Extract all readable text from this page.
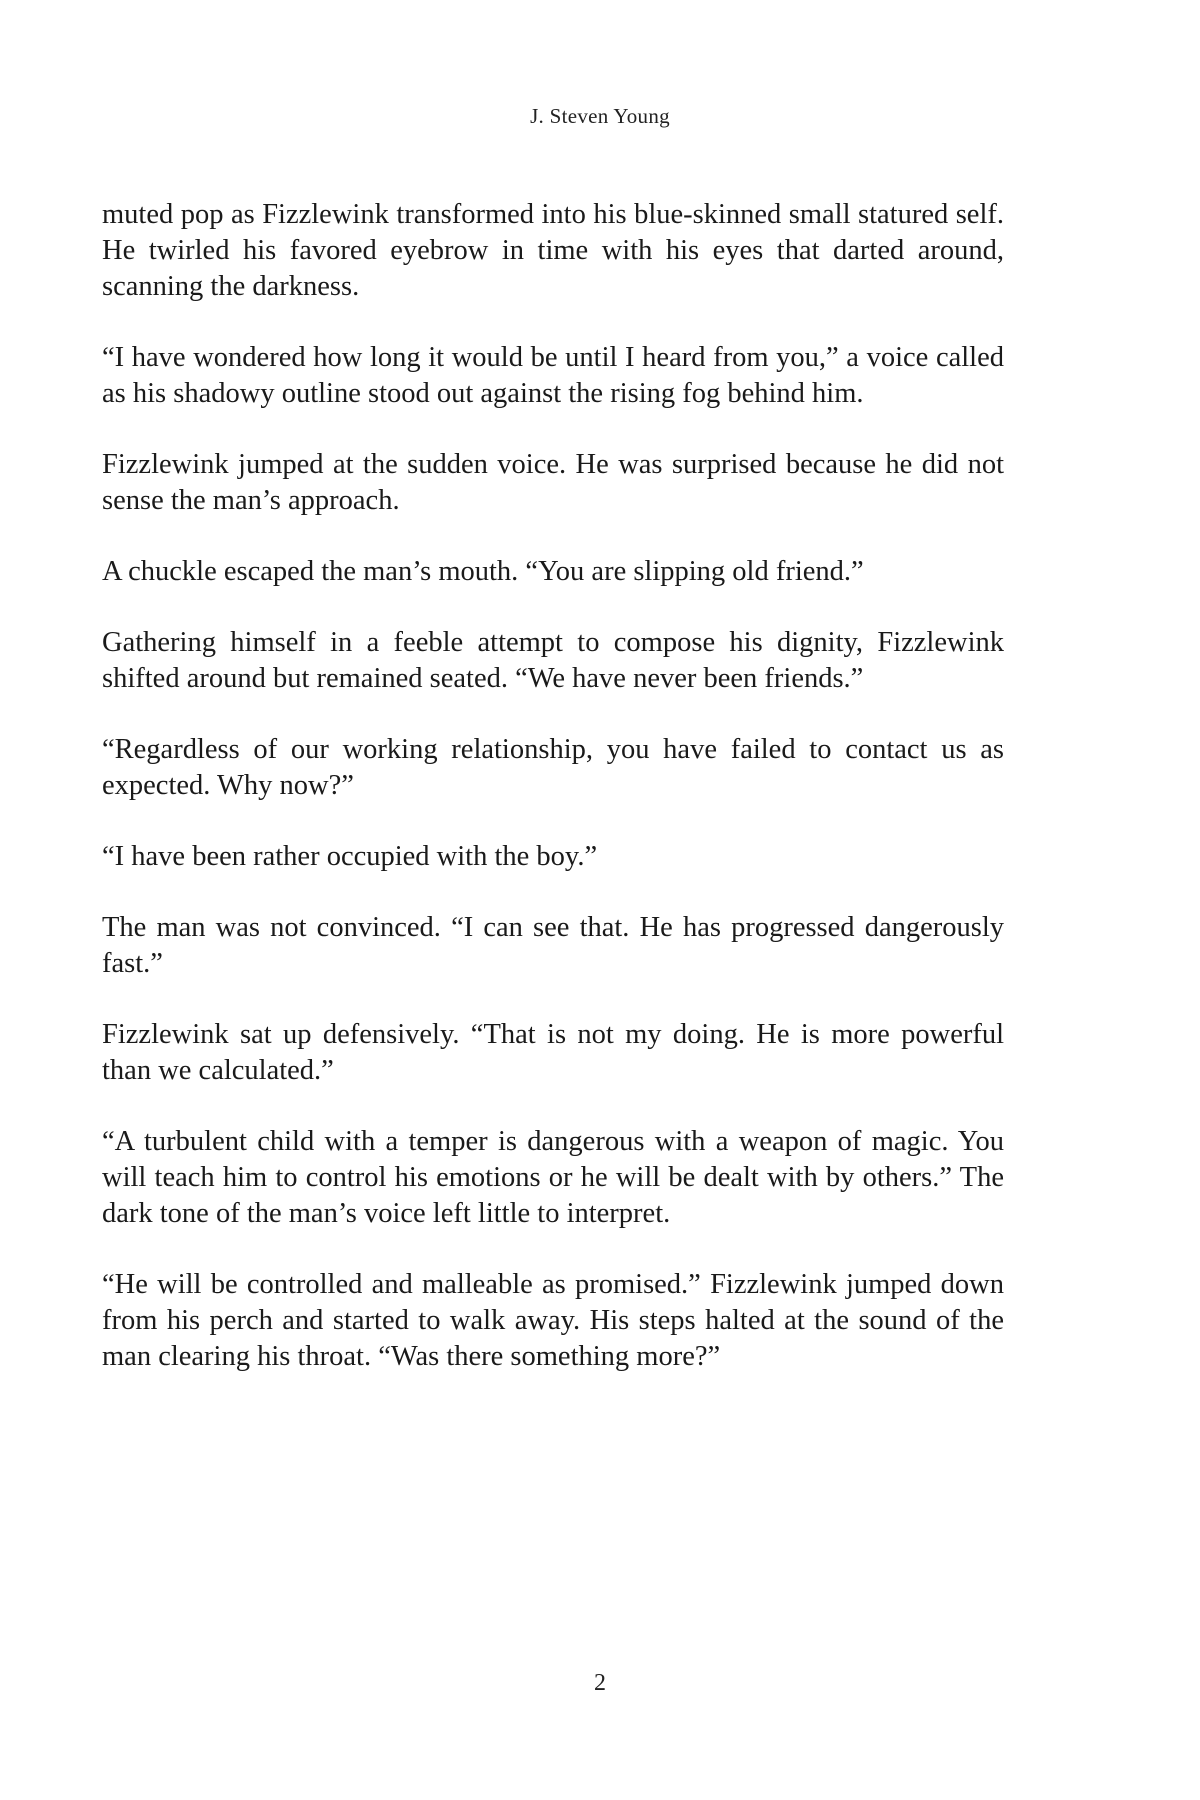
J. Steven Young

muted pop as Fizzlewink transformed into his blue-skinned small statured self. He twirled his favored eyebrow in time with his eyes that darted around, scanning the darkness.

“I have wondered how long it would be until I heard from you,” a voice called as his shadowy outline stood out against the rising fog behind him.

Fizzlewink jumped at the sudden voice. He was surprised because he did not sense the man’s approach.

A chuckle escaped the man’s mouth. “You are slipping old friend.”

Gathering himself in a feeble attempt to compose his dignity, Fizzlewink shifted around but remained seated. “We have never been friends.”

“Regardless of our working relationship, you have failed to contact us as expected. Why now?”

“I have been rather occupied with the boy.”

The man was not convinced. “I can see that. He has progressed dangerously fast.”

Fizzlewink sat up defensively. “That is not my doing. He is more powerful than we calculated.”

“A turbulent child with a temper is dangerous with a weapon of magic. You will teach him to control his emotions or he will be dealt with by others.” The dark tone of the man’s voice left little to interpret.

“He will be controlled and malleable as promised.” Fizzlewink jumped down from his perch and started to walk away. His steps halted at the sound of the man clearing his throat. “Was there something more?”

2
